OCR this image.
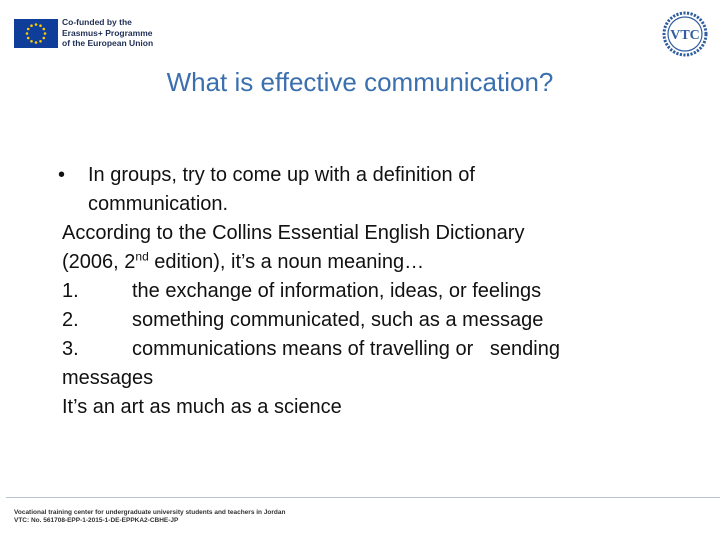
Co-funded by the
Erasmus+ Programme
of the European Union	VTC
What is effective communication?
•	In groups, try to come up with a definition of
communication.
According to the Collins Essential English Dictionary
(2006, 2nd edition), it’s a noun meaning…
1.	the exchange of information, ideas, or feelings
2.	something communicated, such as a message
3.	communications means of travelling or   sending
messages
It’s an art as much as a science
Vocational training center for undergraduate university students and teachers in Jordan
VTC: No. 561708-EPP-1-2015-1-DE-EPPKA2-CBHE-JP
